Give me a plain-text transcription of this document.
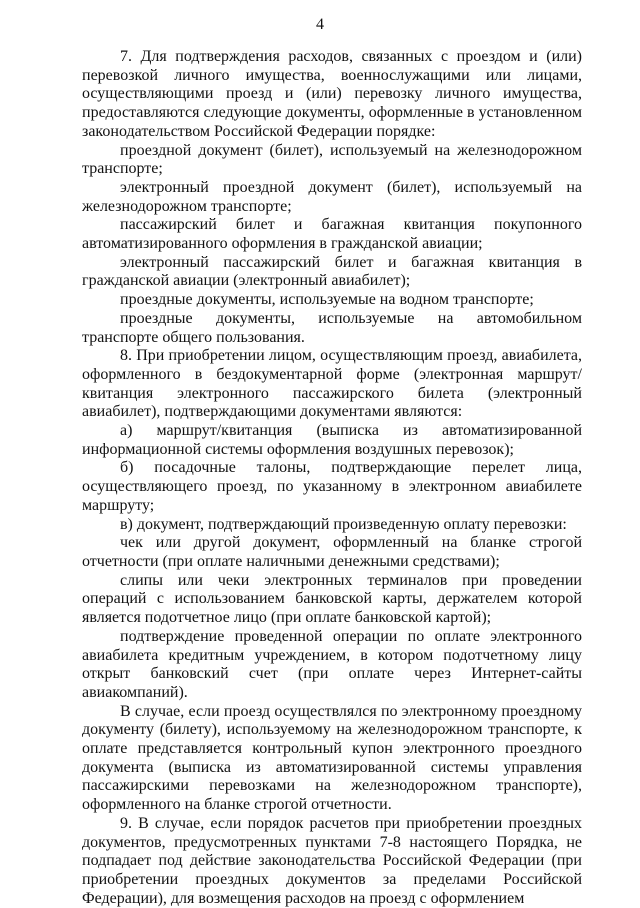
4

7. Для подтверждения расходов, связанных с проездом и (или) перевозкой личного имущества, военнослужащими или лицами, осуществляющими проезд и (или) перевозку личного имущества, предоставляются следующие документы, оформленные в установленном законодательством Российской Федерации порядке:

проездной документ (билет), используемый на железнодорожном транспорте;

электронный проездной документ (билет), используемый на железнодорожном транспорте;

пассажирский билет и багажная квитанция покупонного автоматизированного оформления в гражданской авиации;

электронный пассажирский билет и багажная квитанция в гражданской авиации (электронный авиабилет);

проездные документы, используемые на водном транспорте;

проездные документы, используемые на автомобильном транспорте общего пользования.

8. При приобретении лицом, осуществляющим проезд, авиабилета, оформленного в бездокументарной форме (электронная маршрут/квитанция электронного пассажирского билета (электронный авиабилет), подтверждающими документами являются:

а) маршрут/квитанция (выписка из автоматизированной информационной системы оформления воздушных перевозок);

б) посадочные талоны, подтверждающие перелет лица, осуществляющего проезд, по указанному в электронном авиабилете маршруту;

в) документ, подтверждающий произведенную оплату перевозки:

чек или другой документ, оформленный на бланке строгой отчетности (при оплате наличными денежными средствами);

слипы или чеки электронных терминалов при проведении операций с использованием банковской карты, держателем которой является подотчетное лицо (при оплате банковской картой);

подтверждение проведенной операции по оплате электронного авиабилета кредитным учреждением, в котором подотчетному лицу открыт банковский счет (при оплате через Интернет-сайты авиакомпаний).

В случае, если проезд осуществлялся по электронному проездному документу (билету), используемому на железнодорожном транспорте, к оплате представляется контрольный купон электронного проездного документа (выписка из автоматизированной системы управления пассажирскими перевозками на железнодорожном транспорте), оформленного на бланке строгой отчетности.

9. В случае, если порядок расчетов при приобретении проездных документов, предусмотренных пунктами 7-8 настоящего Порядка, не подпадает под действие законодательства Российской Федерации (при приобретении проездных документов за пределами Российской Федерации), для возмещения расходов на проезд с оформлением
